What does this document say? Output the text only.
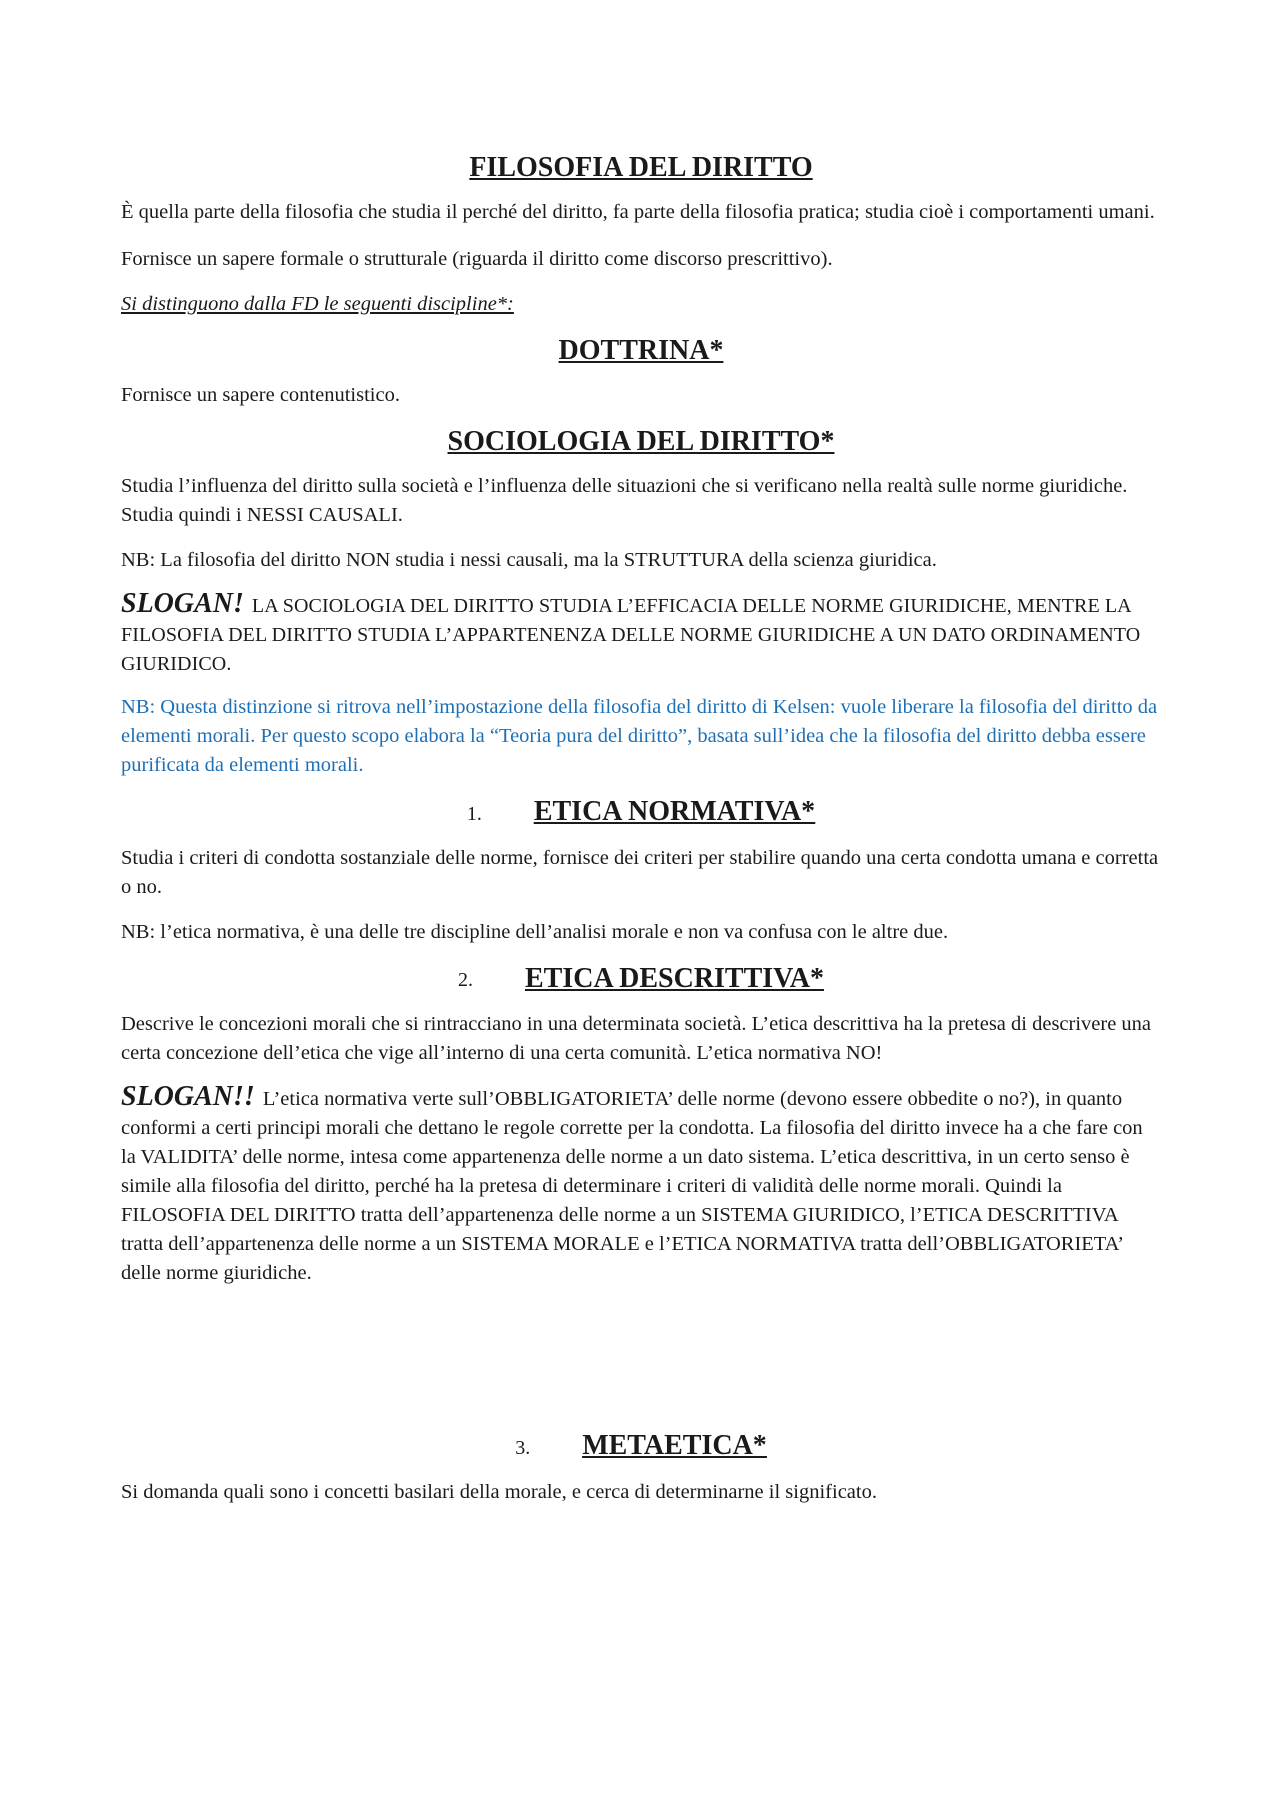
FILOSOFIA DEL DIRITTO

È quella parte della filosofia che studia il perché del diritto, fa parte della filosofia pratica; studia cioè i comportamenti umani.

Fornisce un sapere formale o strutturale (riguarda il diritto come discorso prescrittivo).

Si distinguono dalla FD le seguenti discipline*:

DOTTRINA*

Fornisce un sapere contenutistico.

SOCIOLOGIA DEL DIRITTO*

Studia l’influenza del diritto sulla società e l’influenza delle situazioni che si verificano nella realtà sulle norme giuridiche. Studia quindi i NESSI CAUSALI.

NB: La filosofia del diritto NON studia i nessi causali, ma la STRUTTURA della scienza giuridica.

SLOGAN! LA SOCIOLOGIA DEL DIRITTO STUDIA L’EFFICACIA DELLE NORME GIURIDICHE, MENTRE LA FILOSOFIA DEL DIRITTO STUDIA L’APPARTENENZA DELLE NORME GIURIDICHE A UN DATO ORDINAMENTO GIURIDICO.

NB: Questa distinzione si ritrova nell’impostazione della filosofia del diritto di Kelsen: vuole liberare la filosofia del diritto da elementi morali. Per questo scopo elabora la “Teoria pura del diritto”, basata sull’idea che la filosofia del diritto debba essere purificata da elementi morali.

1. ETICA NORMATIVA*

Studia i criteri di condotta sostanziale delle norme, fornisce dei criteri per stabilire quando una certa condotta umana e corretta o no.

NB: l’etica normativa, è una delle tre discipline dell’analisi morale e non va confusa con le altre due.

2. ETICA DESCRITTIVA*

Descrive le concezioni morali che si rintracciano in una determinata società. L’etica descrittiva ha la pretesa di descrivere una certa concezione dell’etica che vige all’interno di una certa comunità. L’etica normativa NO!

SLOGAN!! L’etica normativa verte sull’OBBLIGATORIETA’ delle norme (devono essere obbedite o no?), in quanto conformi a certi principi morali che dettano le regole corrette per la condotta. La filosofia del diritto invece ha a che fare con la VALIDITA’ delle norme, intesa come appartenenza delle norme a un dato sistema. L’etica descrittiva, in un certo senso è simile alla filosofia del diritto, perché ha la pretesa di determinare i criteri di validità delle norme morali. Quindi la FILOSOFIA DEL DIRITTO tratta dell’appartenenza delle norme a un SISTEMA GIURIDICO, l’ETICA DESCRITTIVA tratta dell’appartenenza delle norme a un SISTEMA MORALE e l’ETICA NORMATIVA tratta dell’OBBLIGATORIETA’ delle norme giuridiche.

3. METAETICA*

Si domanda quali sono i concetti basilari della morale, e cerca di determinarne il significato.
